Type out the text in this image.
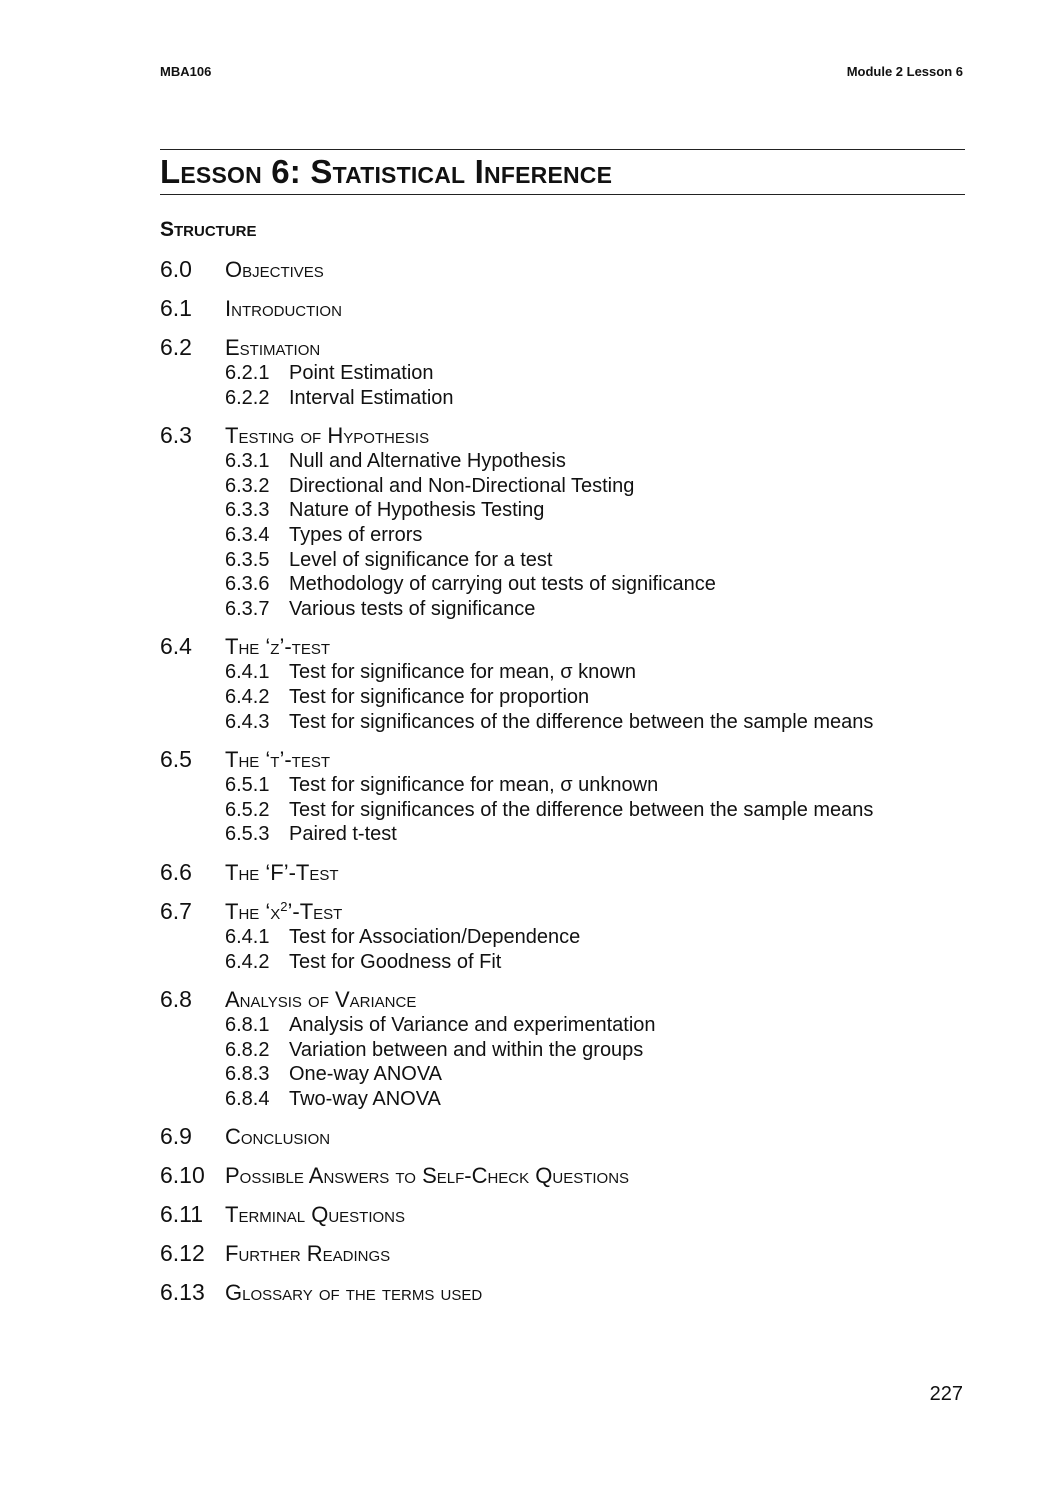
MBA106	Module 2 Lesson 6
Lesson 6: Statistical Inference
Structure
6.0	Objectives
6.1	Introduction
6.2	Estimation
6.2.1 Point Estimation
6.2.2 Interval Estimation
6.3	Testing of Hypothesis
6.3.1 Null and Alternative Hypothesis
6.3.2 Directional and Non-Directional Testing
6.3.3 Nature of Hypothesis Testing
6.3.4 Types of errors
6.3.5 Level of significance for a test
6.3.6 Methodology of carrying out tests of significance
6.3.7 Various tests of significance
6.4	The ‘z’-test
6.4.1 Test for significance for mean, σ known
6.4.2 Test for significance for proportion
6.4.3 Test for significances of the difference between the sample means
6.5	The ‘t’-test
6.5.1 Test for significance for mean, σ unknown
6.5.2 Test for significances of the difference between the sample means
6.5.3 Paired t-test
6.6	The ‘F’-Test
6.7	The ‘$\chi^2$’-Test
6.4.1 Test for Association/Dependence
6.4.2 Test for Goodness of Fit
6.8	Analysis of Variance
6.8.1 Analysis of Variance and experimentation
6.8.2 Variation between and within the groups
6.8.3 One-way ANOVA
6.8.4 Two-way ANOVA
6.9	Conclusion
6.10 Possible Answers to Self-Check Questions
6.11 Terminal Questions
6.12 Further Readings
6.13 Glossary of the terms used
227
